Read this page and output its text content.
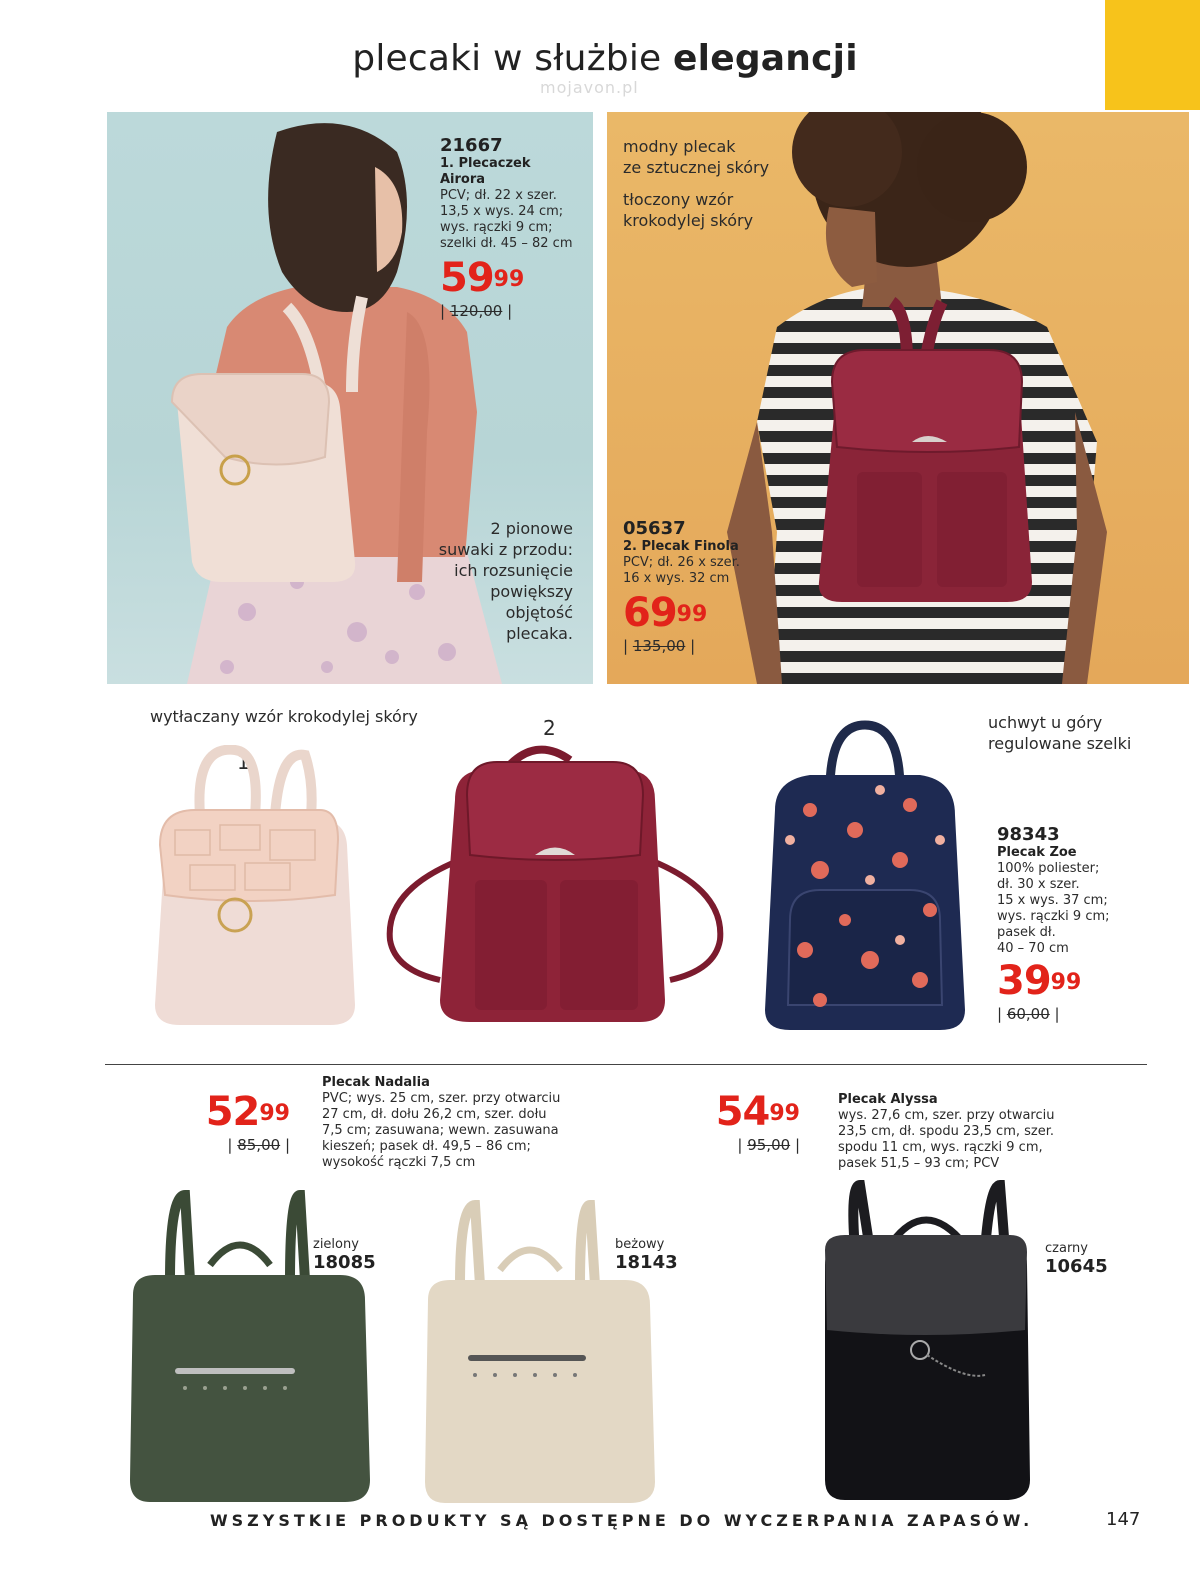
plecaki w służbie elegancji
mojavon.pl
21667
1. Plecaczek
Airora
PCV; dł. 22 x szer.
13,5 x wys. 24 cm;
wys. rączki 9 cm;
szelki dł. 45 – 82 cm
$59^{99}$
| 120,00 |
2 pionowe
suwaki z przodu:
ich rozsunięcie
powiększy
objętość
plecaka.
modny plecak
ze sztucznej skóry
tłoczony wzór
krokodylej skóry
05637
2. Plecak Finola
PCV; dł. 26 x szer.
16 x wys. 32 cm
$69^{99}$
| 135,00 |
wytłaczany wzór krokodylej skóry
1
2	uchwyt u góry
regulowane szelki
98343
Plecak Zoe
100% poliester;
dł. 30 x szer.
15 x wys. 37 cm;
wys. rączki 9 cm;
pasek dł.
40 – 70 cm
$39^{99}$
| 60,00 |
$52^{99}$
| 85,00 |
Plecak Nadalia
PVC; wys. 25 cm, szer. przy otwarciu
27 cm, dł. dołu 26,2 cm, szer. dołu
7,5 cm; zasuwana; wewn. zasuwana
kieszeń; pasek dł. 49,5 – 86 cm;
wysokość rączki 7,5 cm
zielony
18085
beżowy
18143
$54^{99}$
| 95,00 |
Plecak Alyssa
wys. 27,6 cm, szer. przy otwarciu
23,5 cm, dł. spodu 23,5 cm, szer.
spodu 11 cm, wys. rączki 9 cm,
pasek 51,5 – 93 cm; PCV
czarny
10645
WSZYSTKIE PRODUKTY SĄ DOSTĘPNE DO WYCZERPANIA ZAPASÓW.	147
